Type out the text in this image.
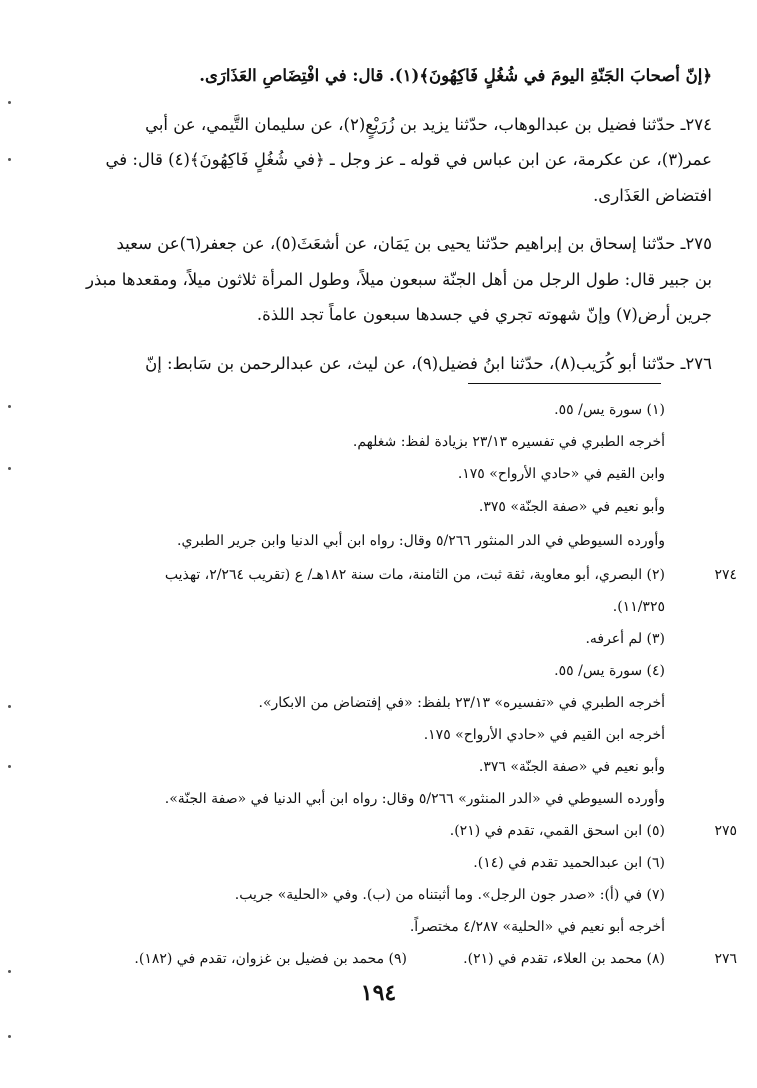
﴿إنّ أصحابَ الجَنّةِ اليومَ في شُغُلٍ فَاكِهُونَ﴾(١). قال: في افْتِضَاصِ العَذَارَى.

٢٧٤ـ حدّثنا فضيل بن عبدالوهاب، حدّثنا يزيد بن زُرَيْعٍ(٢)، عن سليمان التَّيمي، عن أبي

عمر(٣)، عن عكرمة، عن ابن عباس في قوله ـ عز وجل ـ ﴿في شُغُلٍ فَاكِهُونَ﴾(٤) قال: في

افتضاض العَذَارى.

٢٧٥ـ حدّثنا إسحاق بن إبراهيم حدّثنا يحيى بن يَمَان، عن أشعَثَ(٥)، عن جعفر(٦)عن سعيد

بن جبير قال: طول الرجل من أهل الجنّة سبعون ميلاً، وطول المرأة ثلاثون ميلاً، ومقعدها مبذر

جرين أرض(٧) وإنّ شهوته تجري في جسدها سبعون عاماً تجد اللذة.

٢٧٦ـ حدّثنا أبو كُرَيب(٨)، حدّثنا ابنُ فضيل(٩)، عن ليث، عن عبدالرحمن بن سَابط: إنّ

(١) سورة يس/ ٥٥.
أخرجه الطبري في تفسيره ٢٣/١٣ بزيادة لفظ: شغلهم.
وابن القيم في «حادي الأرواح» ١٧٥.
وأبو نعيم في «صفة الجنّة» ٣٧٥.
وأورده السيوطي في الدر المنثور ٥/٢٦٦ وقال: رواه ابن أبي الدنيا وابن جرير الطبري.
٢٧٤
(٢) البصري، أبو معاوية، ثقة ثبت، من الثامنة، مات سنة ١٨٢هـ/ ع (تقريب ٢/٢٦٤، تهذيب
١١/٣٢٥).
(٣) لم أعرفه.
(٤) سورة يس/ ٥٥.
أخرجه الطبري في «تفسيره» ٢٣/١٣ بلفظ: «في إفتضاض من الابكار».
أخرجه ابن القيم في «حادي الأرواح» ١٧٥.
وأبو نعيم في «صفة الجنّة» ٣٧٦.
وأورده السيوطي في «الدر المنثور» ٥/٢٦٦ وقال: رواه ابن أبي الدنيا في «صفة الجنّة».
٢٧٥
(٥) ابن اسحق القمي، تقدم في (٢١).
(٦) ابن عبدالحميد تقدم في (١٤).
(٧) في (أ): «صدر جون الرجل». وما أثبتناه من (ب). وفي «الحلية» جريب.
أخرجه أبو نعيم في «الحلية» ٤/٢٨٧ مختصراً.
٢٧٦
(٨) محمد بن العلاء، تقدم في (٢١).
(٩) محمد بن فضيل بن غزوان، تقدم في (١٨٢).
١٩٤
